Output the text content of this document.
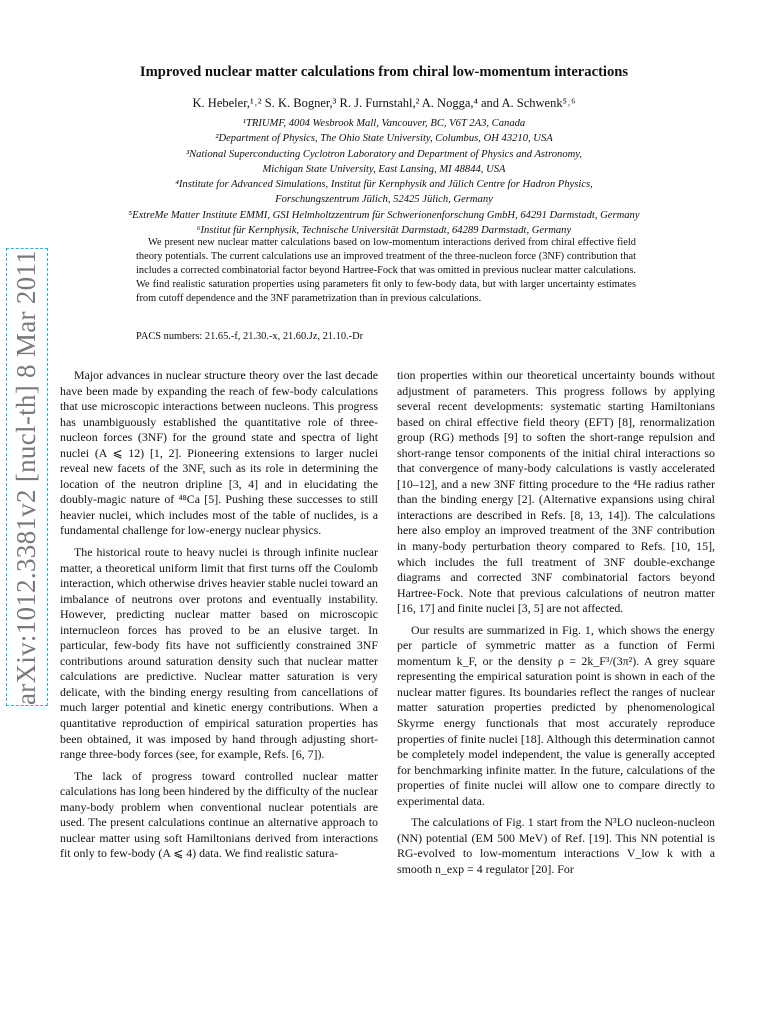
arXiv:1012.3381v2 [nucl-th] 8 Mar 2011
Improved nuclear matter calculations from chiral low-momentum interactions
K. Hebeler,¹˒² S. K. Bogner,³ R. J. Furnstahl,² A. Nogga,⁴ and A. Schwenk⁵˒⁶
¹TRIUMF, 4004 Wesbrook Mall, Vancouver, BC, V6T 2A3, Canada
²Department of Physics, The Ohio State University, Columbus, OH 43210, USA
³National Superconducting Cyclotron Laboratory and Department of Physics and Astronomy,
Michigan State University, East Lansing, MI 48844, USA
⁴Institute for Advanced Simulations, Institut für Kernphysik and Jülich Centre for Hadron Physics,
Forschungszentrum Jülich, 52425 Jülich, Germany
⁵ExtreMe Matter Institute EMMI, GSI Helmholtzzentrum für Schwerionenforschung GmbH, 64291 Darmstadt, Germany
⁶Institut für Kernphysik, Technische Universität Darmstadt, 64289 Darmstadt, Germany

We present new nuclear matter calculations based on low-momentum interactions derived from chiral effective field theory potentials. The current calculations use an improved treatment of the three-nucleon force (3NF) contribution that includes a corrected combinatorial factor beyond Hartree-Fock that was omitted in previous nuclear matter calculations. We find realistic saturation properties using parameters fit only to few-body data, but with larger uncertainty estimates from cutoff dependence and the 3NF parametrization than in previous calculations.

PACS numbers: 21.65.-f, 21.30.-x, 21.60.Jz, 21.10.-Dr

Major advances in nuclear structure theory over the last decade have been made by expanding the reach of few-body calculations that use microscopic interactions between nucleons. This progress has unambiguously established the quantitative role of three-nucleon forces (3NF) for the ground state and spectra of light nuclei (A ⩽ 12) [1, 2]. Pioneering extensions to larger nuclei reveal new facets of the 3NF, such as its role in determining the location of the neutron dripline [3, 4] and in elucidating the doubly-magic nature of ⁴⁸Ca [5]. Pushing these successes to still heavier nuclei, which includes most of the table of nuclides, is a fundamental challenge for low-energy nuclear physics.

The historical route to heavy nuclei is through infinite nuclear matter, a theoretical uniform limit that first turns off the Coulomb interaction, which otherwise drives heavier stable nuclei toward an imbalance of neutrons over protons and eventually instability. However, predicting nuclear matter based on microscopic internucleon forces has proved to be an elusive target. In particular, few-body fits have not sufficiently constrained 3NF contributions around saturation density such that nuclear matter calculations are predictive. Nuclear matter saturation is very delicate, with the binding energy resulting from cancellations of much larger potential and kinetic energy contributions. When a quantitative reproduction of empirical saturation properties has been obtained, it was imposed by hand through adjusting short-range three-body forces (see, for example, Refs. [6, 7]).

The lack of progress toward controlled nuclear matter calculations has long been hindered by the difficulty of the nuclear many-body problem when conventional nuclear potentials are used. The present calculations continue an alternative approach to nuclear matter using soft Hamiltonians derived from interactions fit only to few-body (A ⩽ 4) data. We find realistic satura-

tion properties within our theoretical uncertainty bounds without adjustment of parameters. This progress follows by applying several recent developments: systematic starting Hamiltonians based on chiral effective field theory (EFT) [8], renormalization group (RG) methods [9] to soften the short-range repulsion and short-range tensor components of the initial chiral interactions so that convergence of many-body calculations is vastly accelerated [10–12], and a new 3NF fitting procedure to the ⁴He radius rather than the binding energy [2]. (Alternative expansions using chiral interactions are described in Refs. [8, 13, 14]). The calculations here also employ an improved treatment of the 3NF contribution in many-body perturbation theory compared to Refs. [10, 15], which includes the full treatment of 3NF double-exchange diagrams and corrected 3NF combinatorial factors beyond Hartree-Fock. Note that previous calculations of neutron matter [16, 17] and finite nuclei [3, 5] are not affected.

Our results are summarized in Fig. 1, which shows the energy per particle of symmetric matter as a function of Fermi momentum k_F, or the density ρ = 2k_F³/(3π²). A grey square representing the empirical saturation point is shown in each of the nuclear matter figures. Its boundaries reflect the ranges of nuclear matter saturation properties predicted by phenomenological Skyrme energy functionals that most accurately reproduce properties of finite nuclei [18]. Although this determination cannot be completely model independent, the value is generally accepted for benchmarking infinite matter. In the future, calculations of the properties of finite nuclei will allow one to compare directly to experimental data.

The calculations of Fig. 1 start from the N³LO nucleon-nucleon (NN) potential (EM 500 MeV) of Ref. [19]. This NN potential is RG-evolved to low-momentum interactions V_low k with a smooth n_exp = 4 regulator [20]. For
